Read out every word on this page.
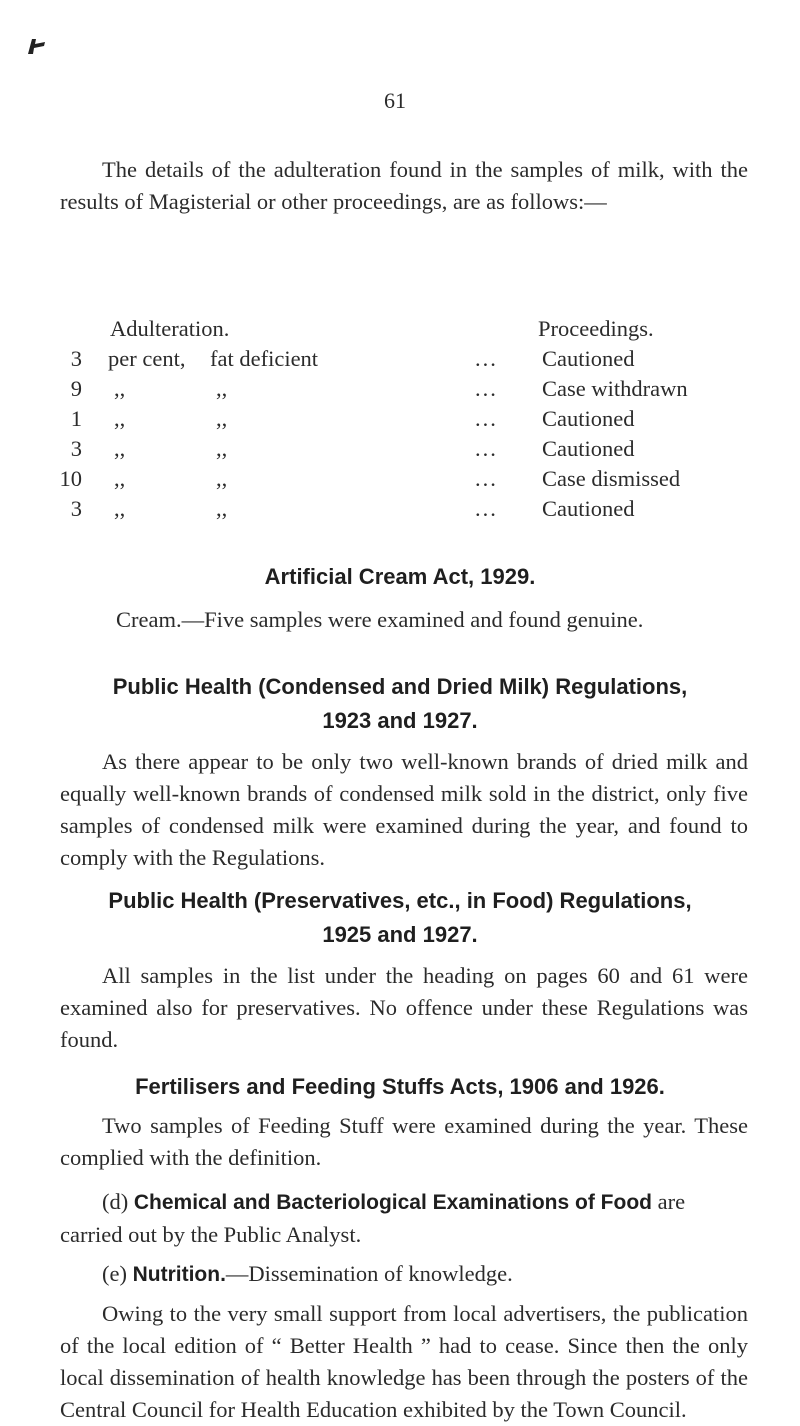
61
The details of the adulteration found in the samples of milk, with the results of Magisterial or other proceedings, are as follows:—
Adulteration.	Proceedings.
3 per cent, fat deficient	... Cautioned
9 ,,	,,	... Case withdrawn
1 ,,	,,	... Cautioned
3 ,,	,,	... Cautioned
10 ,,	,,	... Case dismissed
3 ,,	,,	... Cautioned
Artificial Cream Act, 1929.
Cream.—Five samples were examined and found genuine.
Public Health (Condensed and Dried Milk) Regulations,
1923 and 1927.
As there appear to be only two well-known brands of dried milk and equally well-known brands of condensed milk sold in the district, only five samples of condensed milk were examined during the year, and found to comply with the Regulations.
Public Health (Preservatives, etc., in Food) Regulations,
1925 and 1927.
All samples in the list under the heading on pages 60 and 61 were examined also for preservatives. No offence under these Regulations was found.
Fertilisers and Feeding Stuffs Acts, 1906 and 1926.
Two samples of Feeding Stuff were examined during the year. These complied with the definition.
(d) Chemical and Bacteriological Examinations of Food are carried out by the Public Analyst.
(e) Nutrition.—Dissemination of knowledge.
Owing to the very small support from local advertisers, the publication of the local edition of “ Better Health ” had to cease. Since then the only local dissemination of health knowledge has been through the posters of the Central Council for Health Education exhibited by the Town Council.
